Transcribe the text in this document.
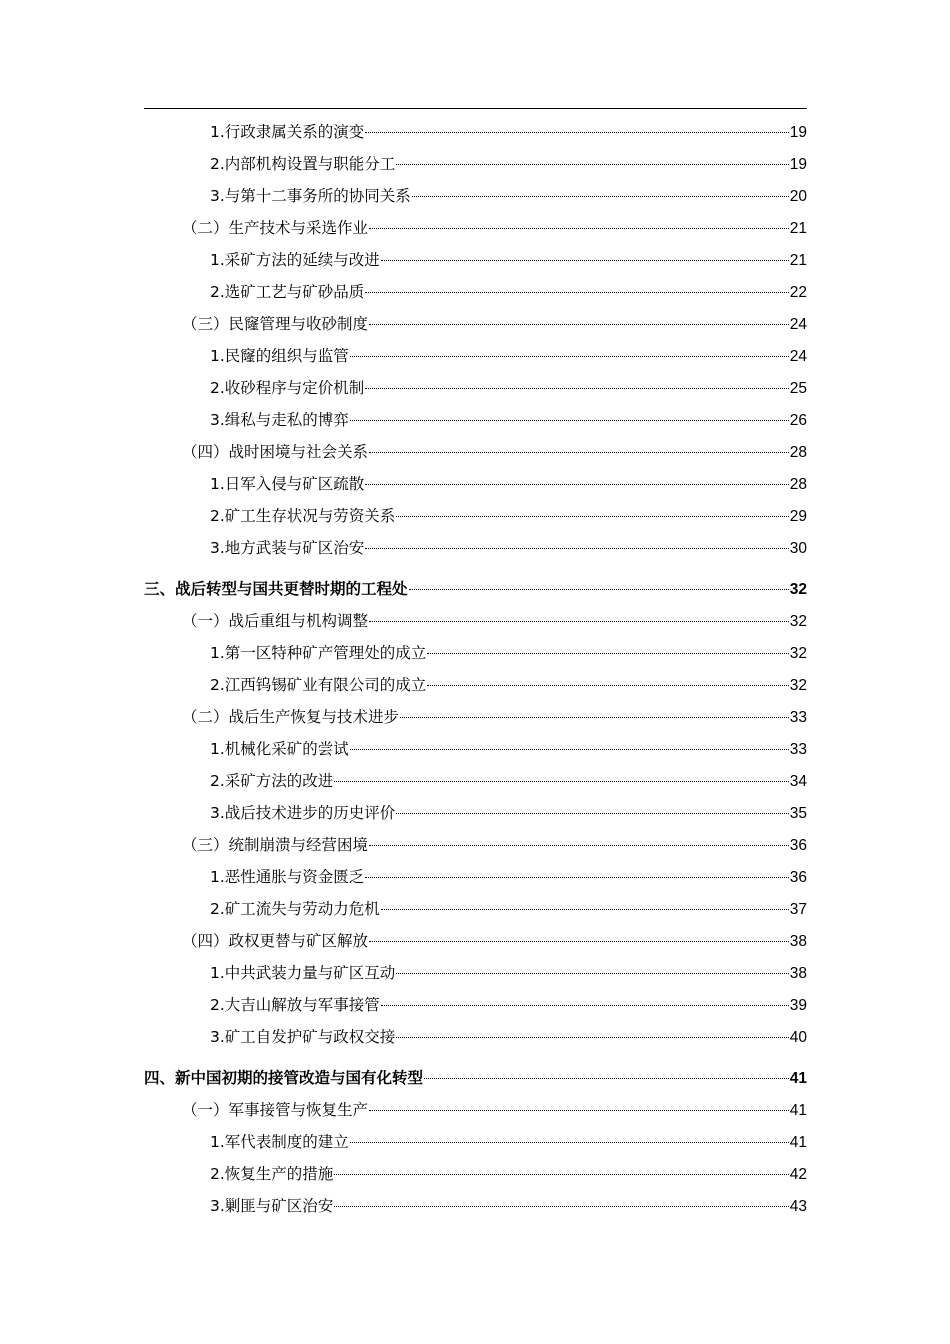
1.行政隶属关系的演变	19
2.内部机构设置与职能分工	19
3.与第十二事务所的协同关系	20
（二）生产技术与采选作业	21
1.采矿方法的延续与改进	21
2.选矿工艺与矿砂品质	22
（三）民窿管理与收砂制度	24
1.民窿的组织与监管	24
2.收砂程序与定价机制	25
3.缉私与走私的博弈	26
（四）战时困境与社会关系	28
1.日军入侵与矿区疏散	28
2.矿工生存状况与劳资关系	29
3.地方武装与矿区治安	30
三、战后转型与国共更替时期的工程处	32
（一）战后重组与机构调整	32
1.第一区特种矿产管理处的成立	32
2.江西钨锡矿业有限公司的成立	32
（二）战后生产恢复与技术进步	33
1.机械化采矿的尝试	33
2.采矿方法的改进	34
3.战后技术进步的历史评价	35
（三）统制崩溃与经营困境	36
1.恶性通胀与资金匮乏	36
2.矿工流失与劳动力危机	37
（四）政权更替与矿区解放	38
1.中共武装力量与矿区互动	38
2.大吉山解放与军事接管	39
3.矿工自发护矿与政权交接	40
四、新中国初期的接管改造与国有化转型	41
（一）军事接管与恢复生产	41
1.军代表制度的建立	41
2.恢复生产的措施	42
3.剿匪与矿区治安	43
